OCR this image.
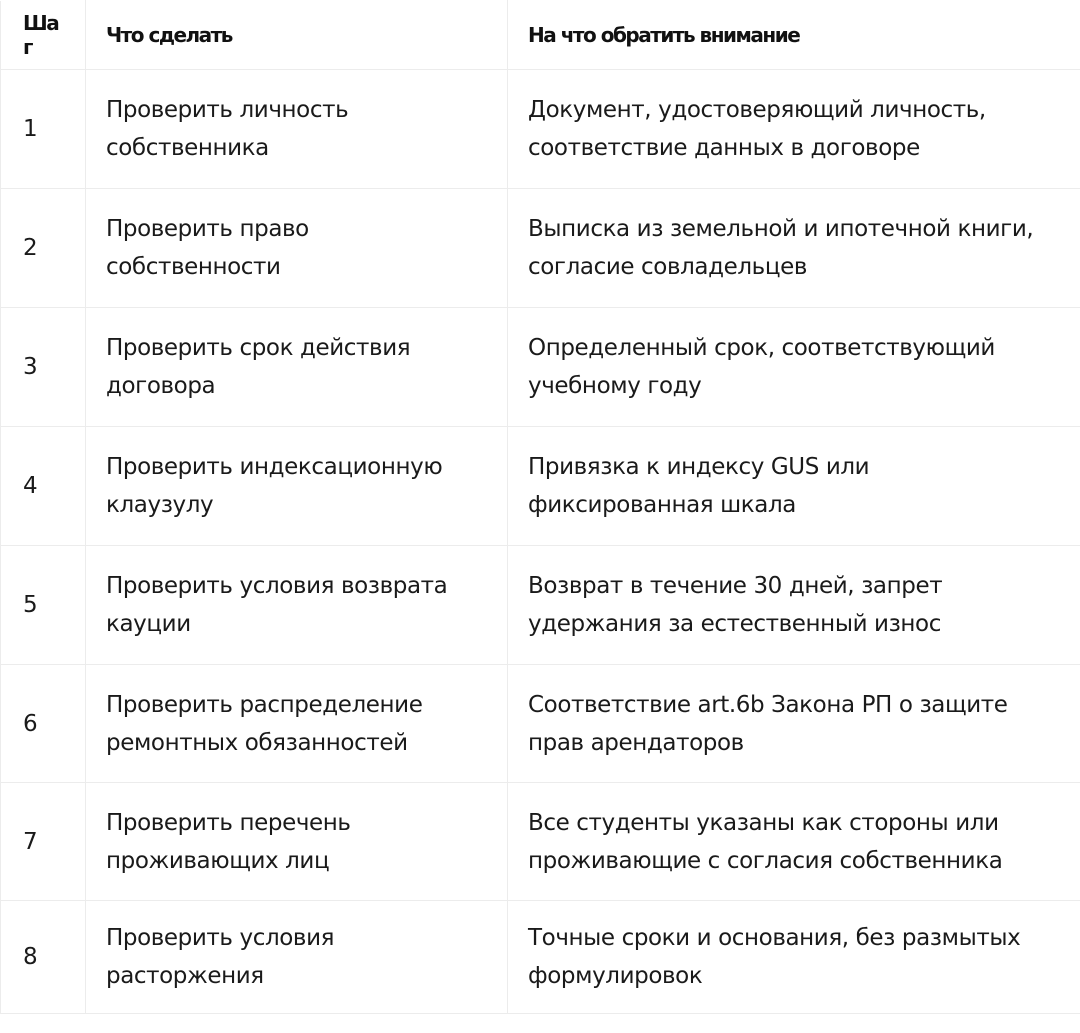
Шаг	Что сделать	На что обратить внимание
1	Проверить личность собственника	Документ, удостоверяющий личность, соответствие данных в договоре
2	Проверить право собственности	Выписка из земельной и ипотечной книги, согласие совладельцев
3	Проверить срок действия договора	Определенный срок, соответствующий учебному году
4	Проверить индексационную клаузулу	Привязка к индексу GUS или фиксированная шкала
5	Проверить условия возврата кауции	Возврат в течение 30 дней, запрет удержания за естественный износ
6	Проверить распределение ремонтных обязанностей	Соответствие art.6b Закона РП о защите прав арендаторов
7	Проверить перечень проживающих лиц	Все студенты указаны как стороны или проживающие с согласия собственника
8	Проверить условия расторжения	Точные сроки и основания, без размытых формулировок
